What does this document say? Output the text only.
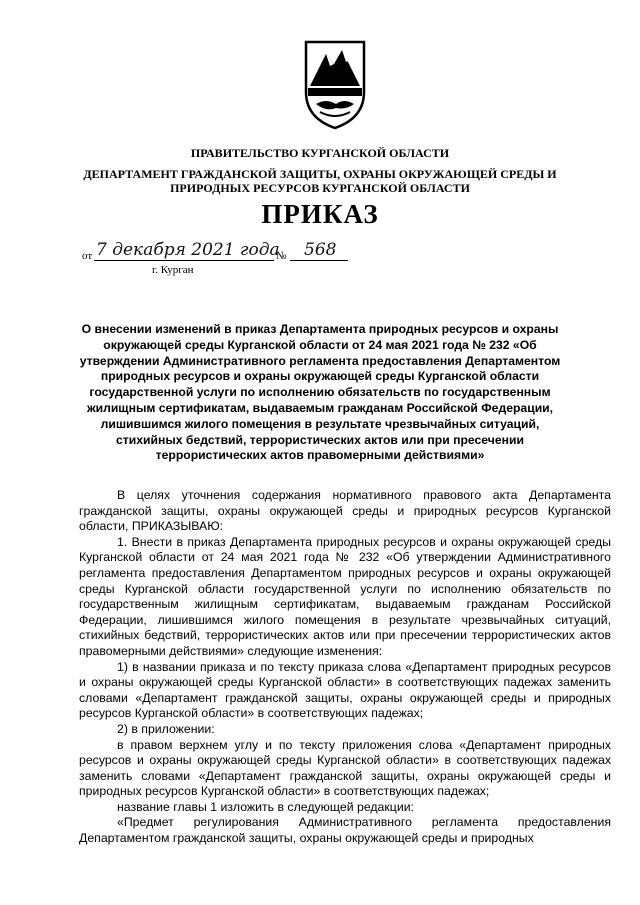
ПРАВИТЕЛЬСТВО КУРГАНСКОЙ ОБЛАСТИ
ДЕПАРТАМЕНТ ГРАЖДАНСКОЙ ЗАЩИТЫ, ОХРАНЫ ОКРУЖАЮЩЕЙ СРЕДЫ И
ПРИРОДНЫХ РЕСУРСОВ КУРГАНСКОЙ ОБЛАСТИ
ПРИКАЗ
от 7 декабря 2021 года
№ 568
г. Курган
О внесении изменений в приказ Департамента природных ресурсов и охраны окружающей среды Курганской области от 24 мая 2021 года № 232 «Об утверждении Административного регламента предоставления Департаментом природных ресурсов и охраны окружающей среды Курганской области государственной услуги по исполнению обязательств по государственным жилищным сертификатам, выдаваемым гражданам Российской Федерации, лишившимся жилого помещения в результате чрезвычайных ситуаций, стихийных бедствий, террористических актов или при пресечении террористических актов правомерными действиями»

В целях уточнения содержания нормативного правового акта Департамента гражданской защиты, охраны окружающей среды и природных ресурсов Курганской области, ПРИКАЗЫВАЮ:

1. Внести в приказ Департамента природных ресурсов и охраны окружающей среды Курганской области от 24 мая 2021 года № 232 «Об утверждении Административного регламента предоставления Департаментом природных ресурсов и охраны окружающей среды Курганской области государственной услуги по исполнению обязательств по государственным жилищным сертификатам, выдаваемым гражданам Российской Федерации, лишившимся жилого помещения в результате чрезвычайных ситуаций, стихийных бедствий, террористических актов или при пресечении террористических актов правомерными действиями» следующие изменения:

1) в названии приказа и по тексту приказа слова «Департамент природных ресурсов и охраны окружающей среды Курганской области» в соответствующих падежах заменить словами «Департамент гражданской защиты, охраны окружающей среды и природных ресурсов Курганской области» в соответствующих падежах;

2) в приложении:

в правом верхнем углу и по тексту приложения слова «Департамент природных ресурсов и охраны окружающей среды Курганской области» в соответствующих падежах заменить словами «Департамент гражданской защиты, охраны окружающей среды и природных ресурсов Курганской области» в соответствующих падежах;

название главы 1 изложить в следующей редакции:

«Предмет регулирования Административного регламента предоставления Департаментом гражданской защиты, охраны окружающей среды и природных
